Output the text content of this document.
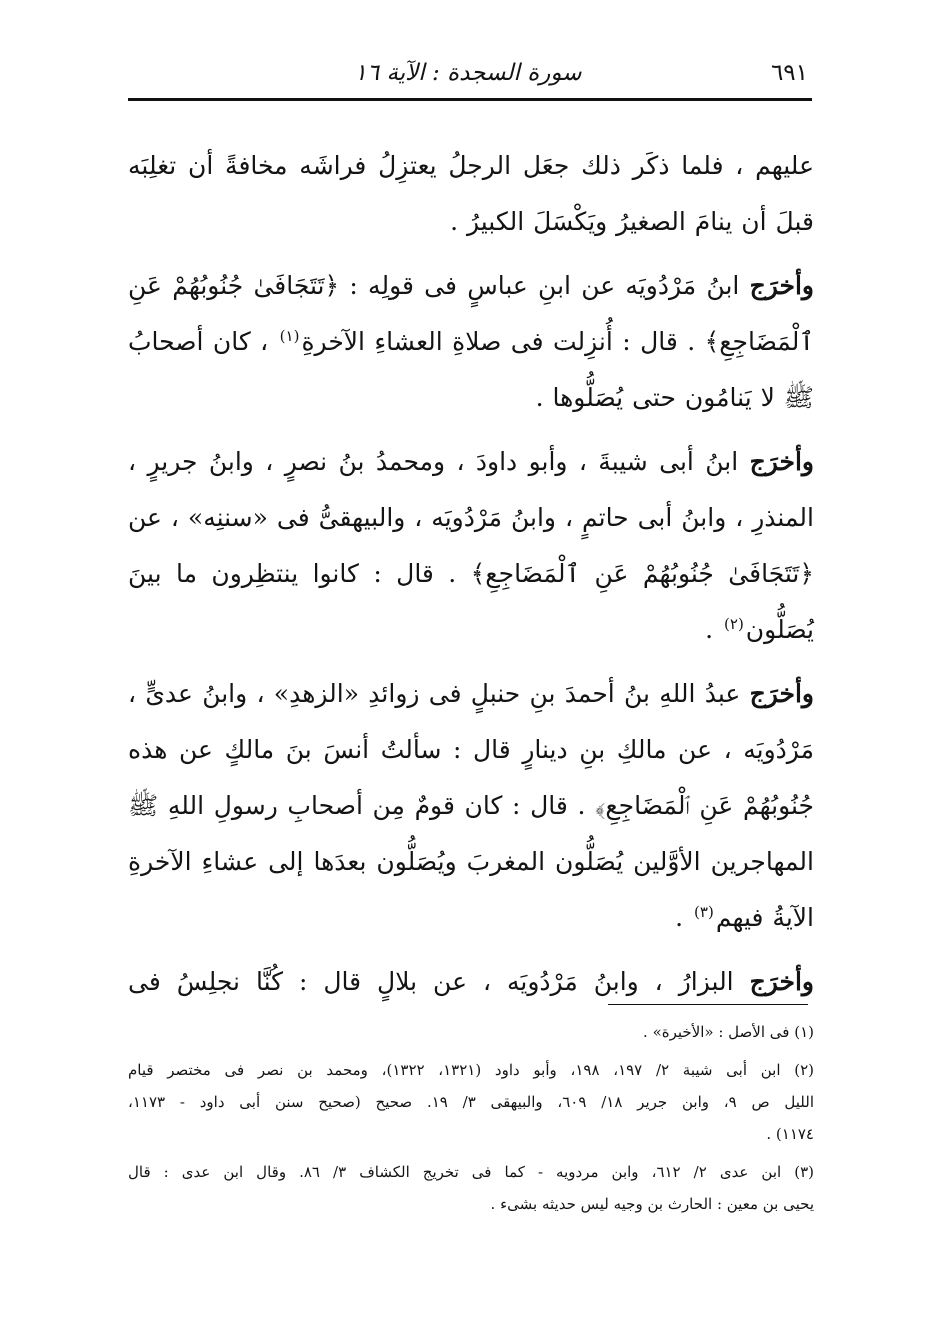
٦٩١
سورة السجدة : الآية ١٦
عليهم ، فلما ذكَر ذلك جعَل الرجلُ يعتزِلُ فراشَه مخافةً أن تغلِبَه
قبلَ أن ينامَ الصغيرُ ويَكْسَلَ الكبيرُ .
وأخرَج ابنُ مَرْدُويَه عن ابنِ عباسٍ فى قولِه : ﴿تَتَجَافَىٰ جُنُوبُهُمْ عَنِ
ٱلْمَضَاجِعِ﴾ . قال : أُنزِلت فى صلاةِ العشاءِ الآخرةِ$^{(١)}$ ، كان أصحابُ
ﷺ لا يَنامُون حتى يُصَلُّوها .
وأخرَج ابنُ أبى شيبةَ ، وأبو داودَ ، ومحمدُ بنُ نصرٍ ، وابنُ جريرٍ ،
المنذرِ ، وابنُ أبى حاتمٍ ، وابنُ مَرْدُويَه ، والبيهقىُّ فى «سننِه» ، عن
﴿تَتَجَافَىٰ جُنُوبُهُمْ عَنِ ٱلْمَضَاجِعِ﴾ . قال : كانوا ينتظِرون ما بينَ
يُصَلُّون$^{(٢)}$ .
وأخرَج عبدُ اللهِ بنُ أحمدَ بنِ حنبلٍ فى زوائدِ «الزهدِ» ، وابنُ عدىٍّ ،
مَرْدُويَه ، عن مالكِ بنِ دينارٍ قال : سألتُ أنسَ بنَ مالكٍ عن هذه
جُنُوبُهُمْ عَنِ ٱلْمَضَاجِعِ﴾ . قال : كان قومٌ مِن أصحابِ رسولِ اللهِ ﷺ
المهاجرين الأوَّلين يُصَلُّون المغربَ ويُصَلُّون بعدَها إلى عشاءِ الآخرةِ
الآيةُ فيهم$^{(٣)}$ .
وأخرَج البزارُ ، وابنُ مَرْدُويَه ، عن بلالٍ قال : كُنَّا نجلِسُ فى
(١) فى الأصل : «الأخيرة» .
(٢) ابن أبى شيبة ٢/ ١٩٧، ١٩٨، وأبو داود (١٣٢١، ١٣٢٢)، ومحمد بن نصر فى مختصر قيام
الليل ص ٩، وابن جرير ١٨/ ٦٠٩، والبيهقى ٣/ ١٩. صحيح (صحيح سنن أبى داود - ١١٧٣،
١١٧٤) .
(٣) ابن عدى ٢/ ٦١٢، وابن مردويه - كما فى تخريج الكشاف ٣/ ٨٦. وقال ابن عدى : قال
يحيى بن معين : الحارث بن وجيه ليس حديثه بشىء .
